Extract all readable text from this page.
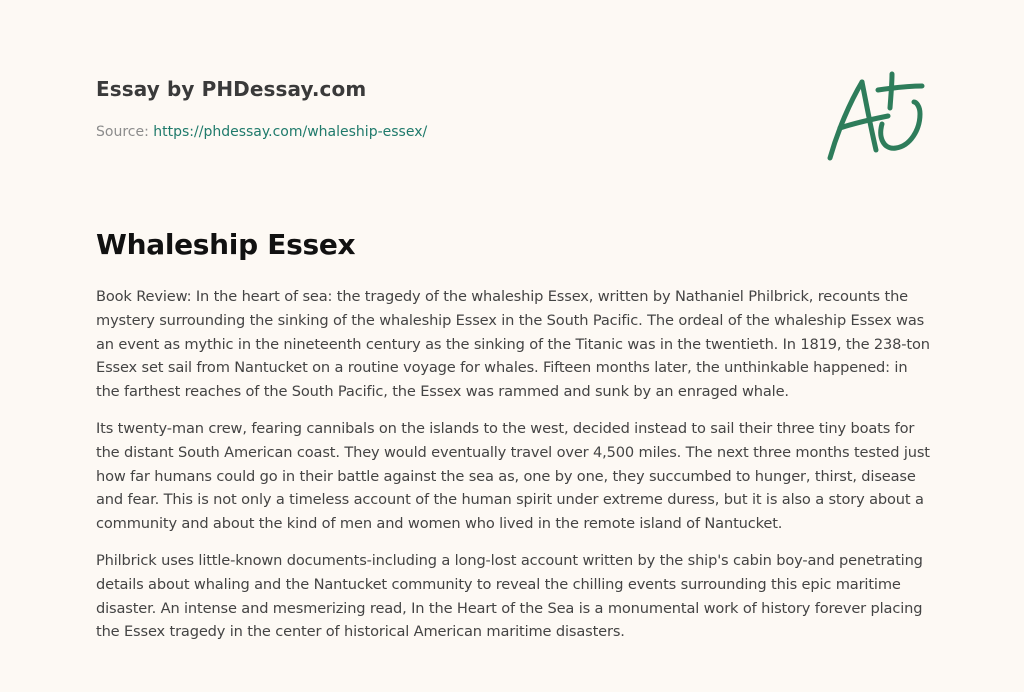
Essay by PHDessay.com
Source: https://phdessay.com/whaleship-essex/
Whaleship Essex

Book Review: In the heart of sea: the tragedy of the whaleship Essex, written by Nathaniel Philbrick, recounts the mystery surrounding the sinking of the whaleship Essex in the South Pacific. The ordeal of the whaleship Essex was an event as mythic in the nineteenth century as the sinking of the Titanic was in the twentieth. In 1819, the 238-ton Essex set sail from Nantucket on a routine voyage for whales. Fifteen months later, the unthinkable happened: in the farthest reaches of the South Pacific, the Essex was rammed and sunk by an enraged whale.

Its twenty-man crew, fearing cannibals on the islands to the west, decided instead to sail their three tiny boats for the distant South American coast. They would eventually travel over 4,500 miles. The next three months tested just how far humans could go in their battle against the sea as, one by one, they succumbed to hunger, thirst, disease and fear. This is not only a timeless account of the human spirit under extreme duress, but it is also a story about a community and about the kind of men and women who lived in the remote island of Nantucket.

Philbrick uses little-known documents-including a long-lost account written by the ship's cabin boy-and penetrating details about whaling and the Nantucket community to reveal the chilling events surrounding this epic maritime disaster. An intense and mesmerizing read, In the Heart of the Sea is a monumental work of history forever placing the Essex tragedy in the center of historical American maritime disasters.
